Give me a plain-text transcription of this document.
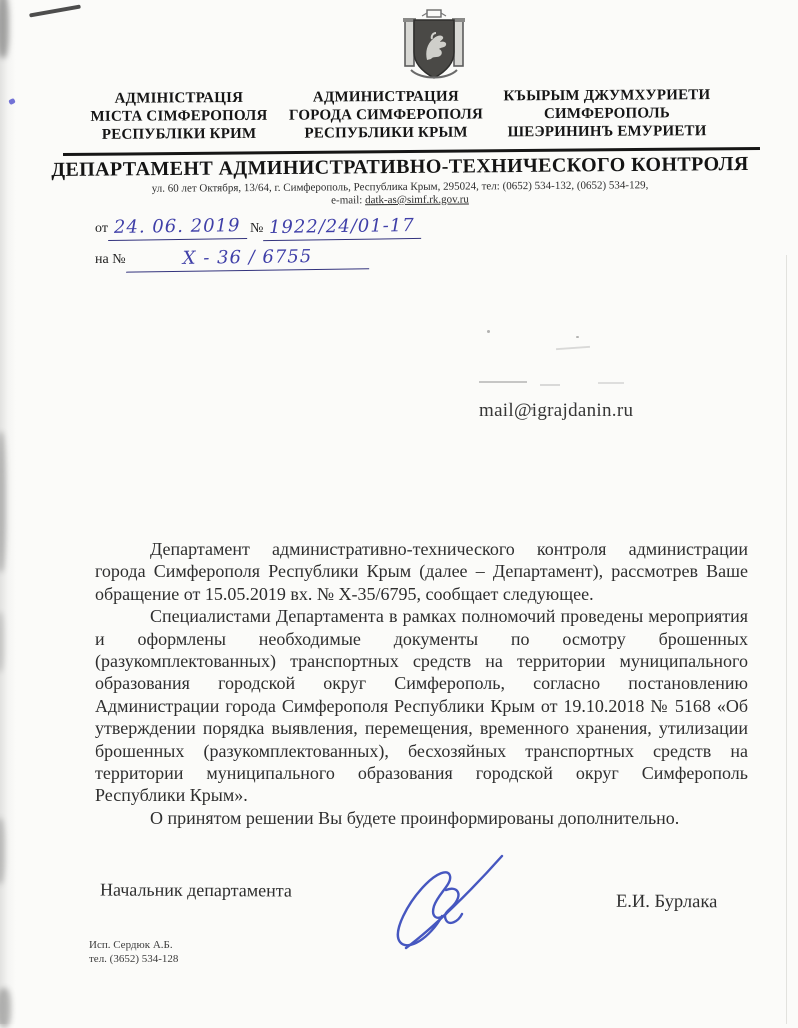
АДМІНІСТРАЦІЯ
МІСТА СІМФЕРОПОЛЯ
РЕСПУБЛІКИ КРИМ
АДМИНИСТРАЦИЯ
ГОРОДА СИМФЕРОПОЛЯ
РЕСПУБЛИКИ КРЫМ
КЪЫРЫМ ДЖУМХУРИЕТИ
СИМФЕРОПОЛЬ
ШЕЭРИНИНЪ ЕМУРИЕТИ
ДЕПАРТАМЕНТ АДМИНИСТРАТИВНО-ТЕХНИЧЕСКОГО КОНТРОЛЯ
ул. 60 лет Октября, 13/64, г. Симферополь, Республика Крым, 295024, тел: (0652) 534-132, (0652) 534-129,
e-mail: datk-as@simf.rk.gov.ru
от 24. 06. 2019 № 1922/24/01-17
на №	Х - 36 / 6755
mail@igrajdanin.ru

Департамент административно-технического контроля администрации города Симферополя Республики Крым (далее – Департамент), рассмотрев Ваше обращение от 15.05.2019 вх. № Х-35/6795, сообщает следующее.

Специалистами Департамента в рамках полномочий проведены мероприятия и оформлены необходимые документы по осмотру брошенных (разукомплектованных) транспортных средств на территории муниципального образования городской округ Симферополь, согласно постановлению Администрации города Симферополя Республики Крым от 19.10.2018 № 5168 «Об утверждении порядка выявления, перемещения, временного хранения, утилизации брошенных (разукомплектованных), бесхозяйных транспортных средств на территории муниципального образования городской округ Симферополь Республики Крым».

О принятом решении Вы будете проинформированы дополнительно.

Начальник департамента
Е.И. Бурлака
Исп. Сердюк А.Б.
тел. (3652) 534-128
